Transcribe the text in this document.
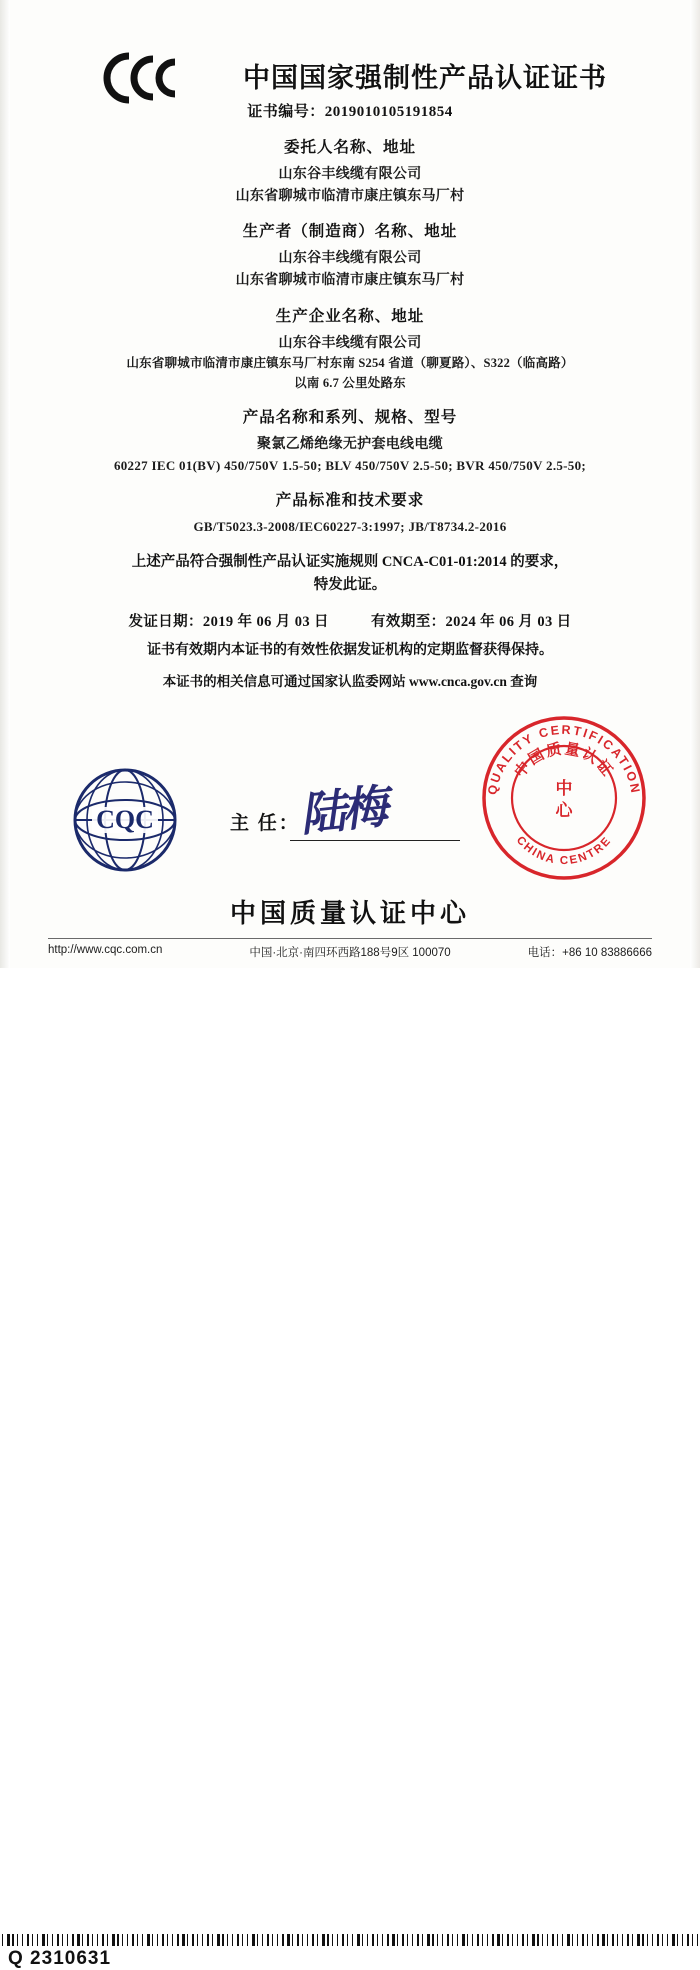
中国国家强制性产品认证证书
证书编号：2019010105191854
委托人名称、地址
山东谷丰线缆有限公司
山东省聊城市临清市康庄镇东马厂村
生产者（制造商）名称、地址
山东谷丰线缆有限公司
山东省聊城市临清市康庄镇东马厂村
生产企业名称、地址
山东谷丰线缆有限公司
山东省聊城市临清市康庄镇东马厂村东南 S254 省道（聊夏路）、S322（临高路）
以南 6.7 公里处路东
产品名称和系列、规格、型号
聚氯乙烯绝缘无护套电线电缆
60227 IEC 01(BV) 450/750V 1.5-50; BLV 450/750V 2.5-50; BVR 450/750V 2.5-50;
产品标准和技术要求
GB/T5023.3-2008/IEC60227-3:1997; JB/T8734.2-2016
上述产品符合强制性产品认证实施规则 CNCA-C01-01:2014 的要求，
特发此证。
发证日期：2019 年 06 月 03 日	有效期至：2024 年 06 月 03 日
证书有效期内本证书的有效性依据发证机构的定期监督获得保持。
本证书的相关信息可通过国家认监委网站 www.cnca.gov.cn 查询
CQC	主 任：
陆梅	QUALITY CERTIFICATION
CHINA CENTRE
中国质量认证
中
心
中国质量认证中心
http://www.cqc.com.cn	中国·北京·南四环西路188号9区 100070	电话：+86 10 83886666
Q 2310631
